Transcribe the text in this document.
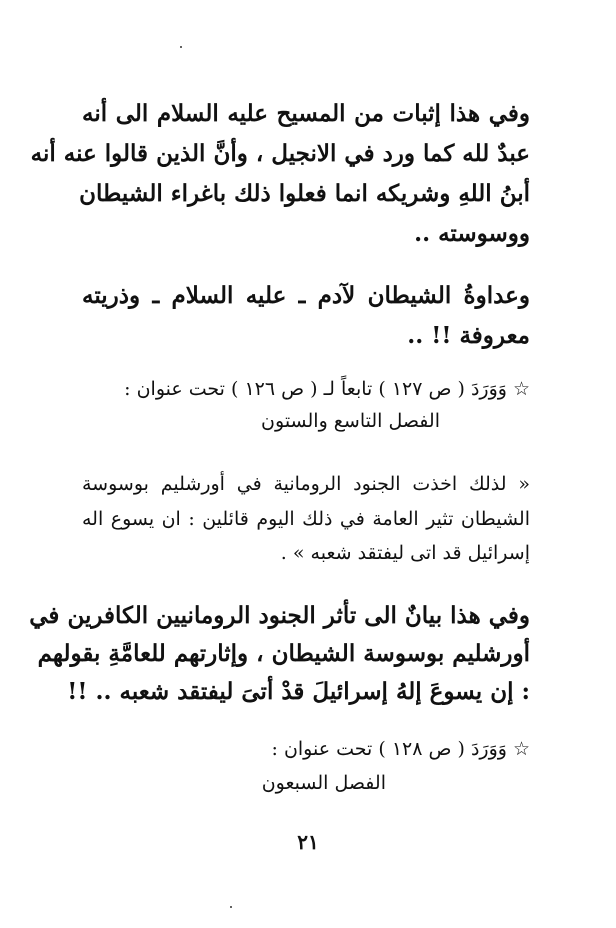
وفي هذا إثبات من المسيح عليه السلام الى أنه
عبدٌ لله كما ورد في الانجيل ، وأنَّ الذين قالوا عنه أنه
أبنُ اللهِ وشريكه انما فعلوا ذلك باغراء الشيطان
ووسوسته ..
وعداوةُ الشيطان لآدم ـ عليه السلام ـ وذريته
معروفة !! ..
☆ وَوَرَدَ ( ص ١٢٧ ) تابعاً لـ ( ص ١٢٦ ) تحت عنوان :
الفصل التاسع والستون
« لذلك اخذت الجنود الرومانية في أورشليم بوسوسة
الشيطان تثير العامة في ذلك اليوم قائلين : ان يسوع اله
إسرائيل قد اتى ليفتقد شعبه » .
وفي هذا بيانٌ الى تأثر الجنود الرومانيين الكافرين في
أورشليم بوسوسة الشيطان ، وإثارتهم للعامَّةِ بقولهم
: إن يسوعَ إلهُ إسرائيلَ قدْ أتىَ ليفتقد شعبه .. !!
☆ وَوَرَدَ ( ص ١٢٨ ) تحت عنوان :
الفصل السبعون
٢١
